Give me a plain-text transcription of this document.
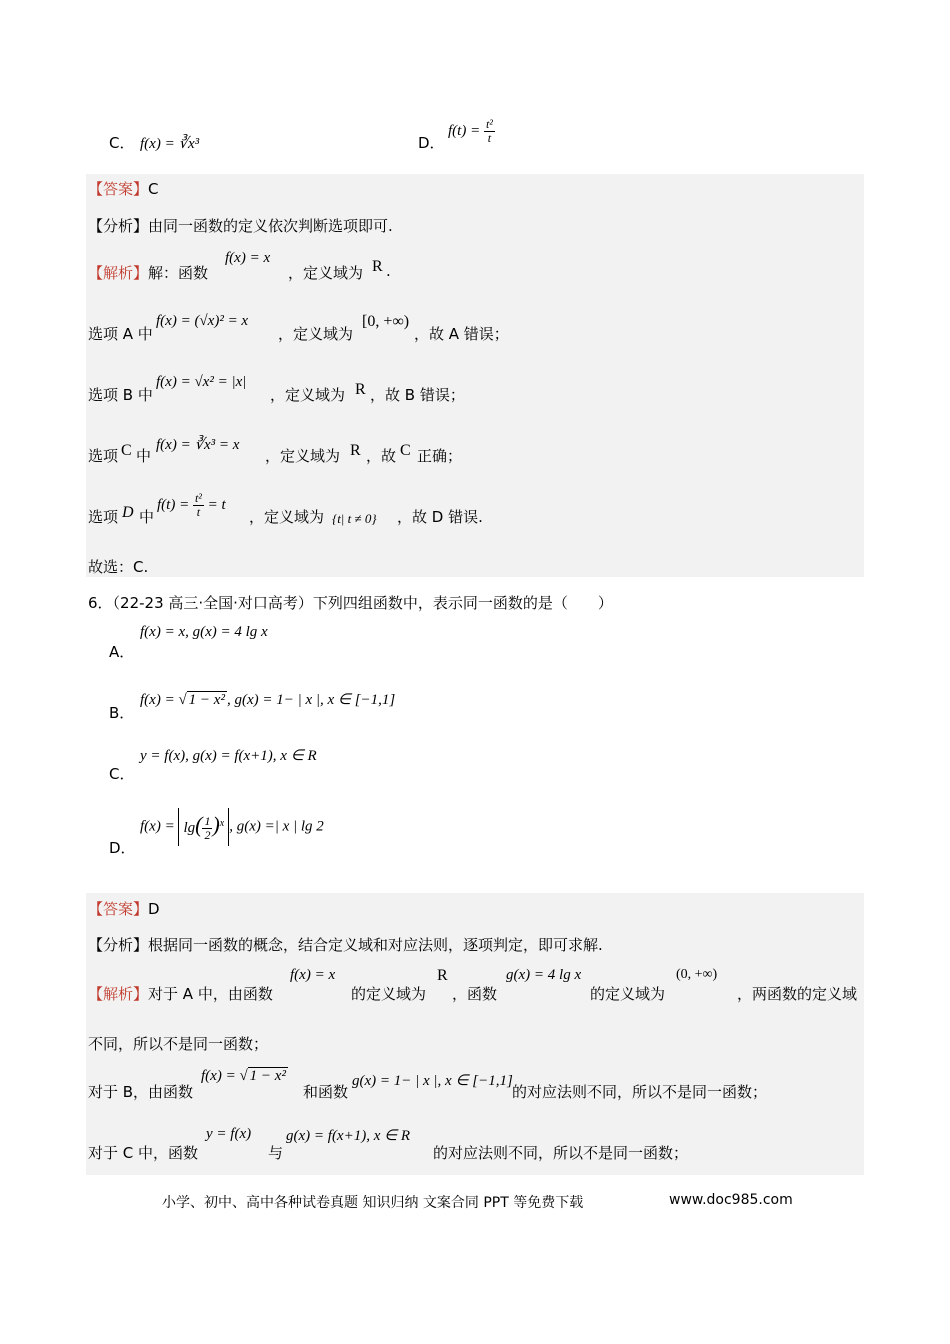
C． f(x) = ∛x³	D．
$f(t) = \frac{\text{t²}}{t}$
【答案】C
【分析】由同一函数的定义依次判断选项即可.
【解析】解：函数
f(x) = x
，定义域为 R .
选项 A 中
f(x) = (√x)² = x
，定义域为
[0, +∞)
，故 A 错误；
选项 B 中
f(x) = √x² = |x|
，定义域为 R ，故 B 错误；
选项 C 中
f(x) = ∛x³ = x
，定义域为 R ，故 C 正确；
选项 D 中
$f(t) = \frac{\text{t²}}{t} = t$
，定义域为 {t| t ≠ 0} ，故 D 错误.
故选：C.
6．（22-23 高三·全国·对口高考）下列四组函数中，表示同一函数的是（　　）
A．
f(x) = x, g(x) = 4 lg x
B．
f(x) = √ 1 − x² , g(x) = 1− | x |, x ∈ [−1,1]
C．
y = f(x), g(x) = f(x+1), x ∈ R
D．
$f(x) = \lg( \frac{1}{2} )^x$ , g(x) =| x | lg 2
【答案】D
【分析】根据同一函数的概念，结合定义域和对应法则，逐项判定，即可求解.
【解析】对于 A 中，由函数
f(x) = x
的定义域为
R
，函数
g(x) = 4 lg x
的定义域为
(0, +∞)
，两函数的定义域
不同，所以不是同一函数；
对于 B，由函数
f(x) = √ 1 − x²
和函数
g(x) = 1− | x |, x ∈ [−1,1]
的对应法则不同，所以不是同一函数；
对于 C 中，函数
y = f(x)
与
g(x) = f(x+1), x ∈ R
的对应法则不同，所以不是同一函数；
小学、初中、高中各种试卷真题 知识归纳 文案合同 PPT 等免费下载	www.doc985.com
